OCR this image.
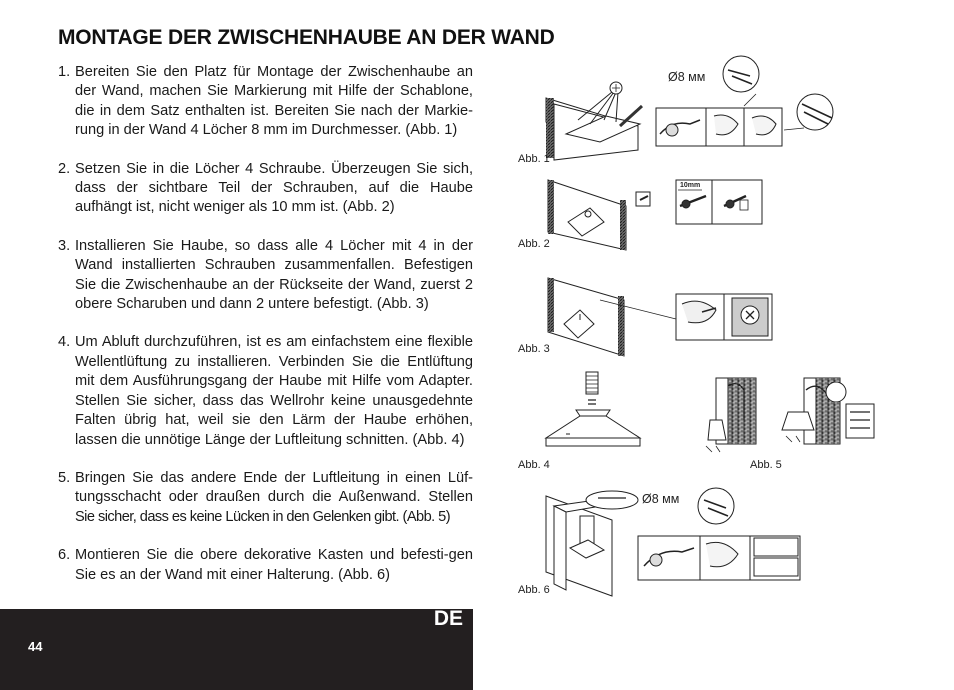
MONTAGE DER ZWISCHENHAUBE AN DER WAND
1. Bereiten Sie den Platz für Montage der Zwischenhaube an der Wand, machen Sie Markierung mit Hilfe der Schablone, die in dem Satz enthalten ist. Bereiten Sie nach der Markie-rung in der Wand 4 Löcher 8 mm im Durchmesser. (Abb. 1)
2. Setzen Sie in die Löcher 4 Schraube. Überzeugen Sie sich, dass der sichtbare Teil der Schrauben, auf die Haube aufhängt ist, nicht weniger als 10 mm ist. (Abb. 2)
3. Installieren Sie Haube, so dass alle 4 Löcher mit 4 in der Wand installierten Schrauben zusammenfallen. Befestigen Sie die Zwischenhaube an der Rückseite der Wand, zuerst 2 obere Scharuben und dann 2 untere befestigt. (Abb. 3)
4. Um Abluft durchzuführen, ist es am einfachstem eine flexible Wellentlüftung zu installieren. Verbinden Sie die Entlüftung mit dem Ausführungsgang der Haube mit Hilfe vom Adapter. Stellen Sie sicher, dass das Wellrohr keine unausgedehnte Falten übrig hat, weil sie den Lärm der Haube erhöhen, lassen die unnötige Länge der Luftleitung schnitten. (Abb. 4)
5. Bringen Sie das andere Ende der Luftleitung in einen Lüf-tungsschacht oder draußen durch die Außenwand. Stellen Sie sicher, dass es keine Lücken in den Gelenken gibt. (Abb. 5)
6. Montieren Sie die obere dekorative Kasten und befesti-gen Sie es an der Wand mit einer Halterung. (Abb. 6)
DE
44
Abb. 1
Abb. 2
Abb. 3
Abb. 4	Abb. 5
Abb. 6
Ø8 мм
Ø8 мм
10mm
